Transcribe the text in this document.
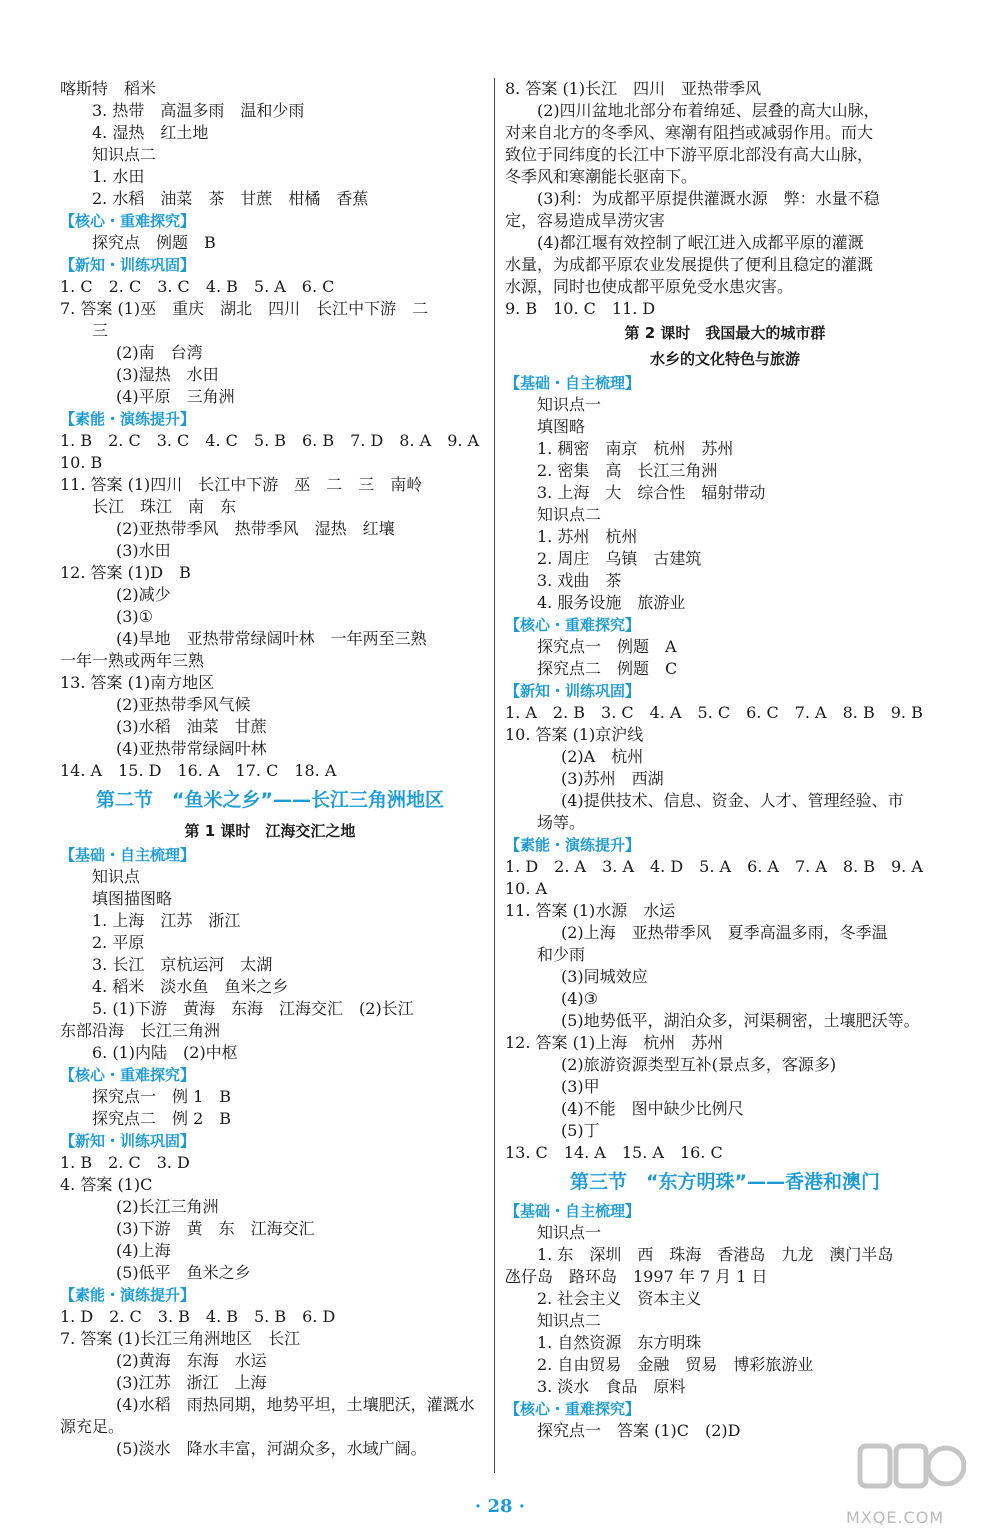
喀斯特　稻米
3. 热带　高温多雨　温和少雨
4. 湿热　红土地
知识点二
1. 水田
2. 水稻　油菜　茶　甘蔗　柑橘　香蕉
【核心・重难探究】
探究点　例题　B
【新知・训练巩固】
1. C　2. C　3. C　4. B　5. A　6. C
7. 答案 (1)巫　重庆　湖北　四川　长江中下游　二
三
(2)南　台湾
(3)湿热　水田
(4)平原　三角洲
【素能・演练提升】
1. B　2. C　3. C　4. C　5. B　6. B　7. D　8. A　9. A
10. B
11. 答案 (1)四川　长江中下游　巫　二　三　南岭
长江　珠江　南　东
(2)亚热带季风　热带季风　湿热　红壤
(3)水田
12. 答案 (1)D　B
(2)减少
(3)①
(4)旱地　亚热带常绿阔叶林　一年两至三熟
一年一熟或两年三熟
13. 答案 (1)南方地区
(2)亚热带季风气候
(3)水稻　油菜　甘蔗
(4)亚热带常绿阔叶林
14. A　15. D　16. A　17. C　18. A
第二节　“鱼米之乡”——长江三角洲地区
第 1 课时　江海交汇之地
【基础・自主梳理】
知识点
填图描图略
1. 上海　江苏　浙江
2. 平原
3. 长江　京杭运河　太湖
4. 稻米　淡水鱼　鱼米之乡
5. (1)下游　黄海　东海　江海交汇　(2)长江
东部沿海　长江三角洲
6. (1)内陆　(2)中枢
【核心・重难探究】
探究点一　例 1　B
探究点二　例 2　B
【新知・训练巩固】
1. B　2. C　3. D
4. 答案 (1)C
(2)长江三角洲
(3)下游　黄　东　江海交汇
(4)上海
(5)低平　鱼米之乡
【素能・演练提升】
1. D　2. C　3. B　4. B　5. B　6. D
7. 答案 (1)长江三角洲地区　长江
(2)黄海　东海　水运
(3)江苏　浙江　上海
(4)水稻　雨热同期，地势平坦，土壤肥沃，灌溉水
源充足。
(5)淡水　降水丰富，河湖众多，水域广阔。
8. 答案 (1)长江　四川　亚热带季风
(2)四川盆地北部分布着绵延、层叠的高大山脉，
对来自北方的冬季风、寒潮有阻挡或减弱作用。而大
致位于同纬度的长江中下游平原北部没有高大山脉，
冬季风和寒潮能长驱南下。
(3)利：为成都平原提供灌溉水源　弊：水量不稳
定，容易造成旱涝灾害
(4)都江堰有效控制了岷江进入成都平原的灌溉
水量，为成都平原农业发展提供了便利且稳定的灌溉
水源，同时也使成都平原免受水患灾害。
9. B　10. C　11. D
第 2 课时　我国最大的城市群
水乡的文化特色与旅游
【基础・自主梳理】
知识点一
填图略
1. 稠密　南京　杭州　苏州
2. 密集　高　长江三角洲
3. 上海　大　综合性　辐射带动
知识点二
1. 苏州　杭州
2. 周庄　乌镇　古建筑
3. 戏曲　茶
4. 服务设施　旅游业
【核心・重难探究】
探究点一　例题　A
探究点二　例题　C
【新知・训练巩固】
1. A　2. B　3. C　4. A　5. C　6. C　7. A　8. B　9. B
10. 答案 (1)京沪线
(2)A　杭州
(3)苏州　西湖
(4)提供技术、信息、资金、人才、管理经验、市
场等。
【素能・演练提升】
1. D　2. A　3. A　4. D　5. A　6. A　7. A　8. B　9. A
10. A
11. 答案 (1)水源　水运
(2)上海　亚热带季风　夏季高温多雨，冬季温
和少雨
(3)同城效应
(4)③
(5)地势低平，湖泊众多，河渠稠密，土壤肥沃等。
12. 答案 (1)上海　杭州　苏州
(2)旅游资源类型互补(景点多，客源多)
(3)甲
(4)不能　图中缺少比例尺
(5)丁
13. C　14. A　15. A　16. C
第三节　“东方明珠”——香港和澳门
【基础・自主梳理】
知识点一
1. 东　深圳　西　珠海　香港岛　九龙　澳门半岛
氹仔岛　路环岛　1997 年 7 月 1 日
2. 社会主义　资本主义
知识点二
1. 自然资源　东方明珠
2. 自由贸易　金融　贸易　博彩旅游业
3. 淡水　食品　原料
【核心・重难探究】
探究点一　答案 (1)C　(2)D
· 28 ·
MXQE.COM
